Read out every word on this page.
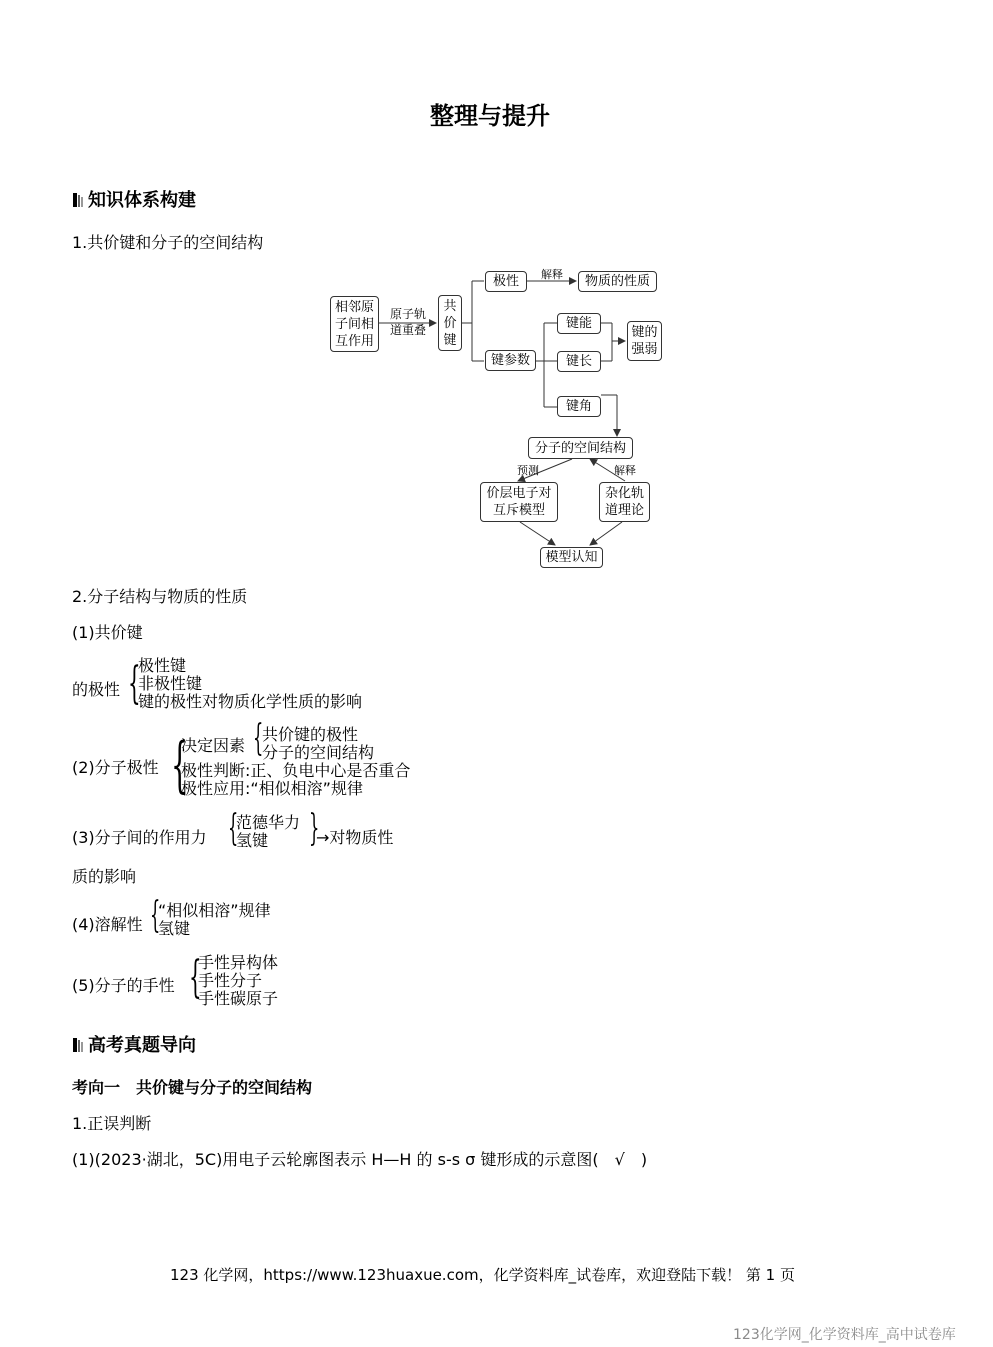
整理与提升
知识体系构建
1.共价键和分子的空间结构
相邻原子间相互作用
原子轨道重叠
共价键
极性	解释	物质的性质
键参数
键能
键长
键角
键的强弱
分子的空间结构
预测	解释
价层电子对互斥模型
杂化轨道理论
模型认知
2.分子结构与物质的性质
(1)共价键
的极性 {
极性键
非极性键
键的极性对物质化学性质的影响
(2)分子极性 {
决定因素 {
共价键的极性
分子的空间结构
极性判断:正、负电中心是否重合
极性应用:“相似相溶”规律
(3)分子间的作用力 {
范德华力
氢键 }
→对物质性
质的影响
(4)溶解性 {
“相似相溶”规律
氢键
(5)分子的手性 {
手性异构体
手性分子
手性碳原子
高考真题导向
考向一　共价键与分子的空间结构
1.正误判断
(1)(2023·湖北，5C)用电子云轮廓图表示 H—H 的 s-s σ 键形成的示意图(　√　)
123 化学网，https://www.123huaxue.com，化学资料库_试卷库，欢迎登陆下载！ 第 1 页
123化学网_化学资料库_高中试卷库
